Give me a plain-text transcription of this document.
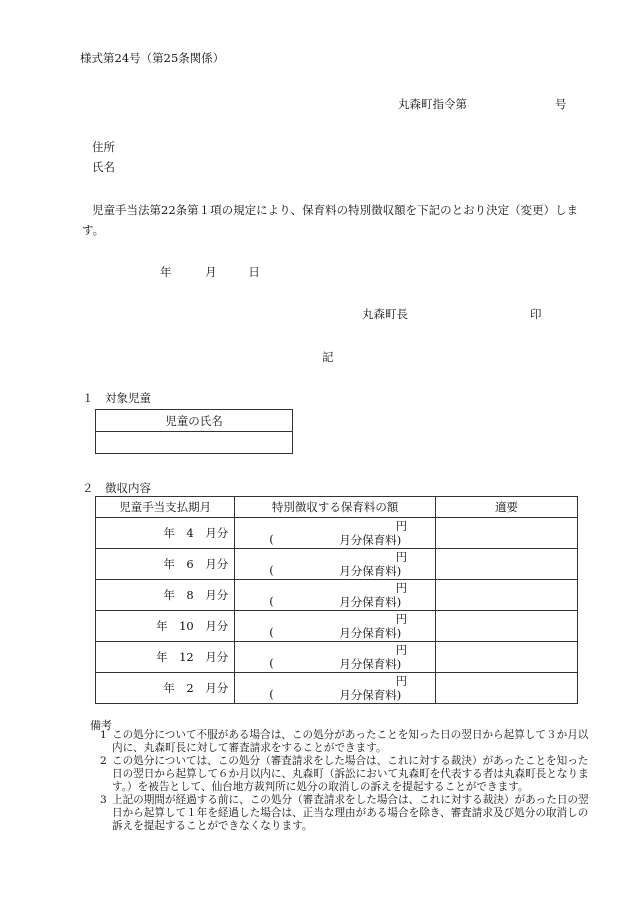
様式第24号（第25条関係）
丸森町指令第	号
住所
氏名
児童手当法第22条第１項の規定により、保育料の特別徴収額を下記のとおり決定（変更）します。
年	月	日
丸森町長	印
記
１　対象児童
児童の氏名

２　徴収内容
児童手当支払期月	特別徴収する保育料の額	適要
年　 4　 月分	円
( 月分保育料)	

年　 6　 月分	円
( 月分保育料)	

年　 8　 月分	円
( 月分保育料)	

年　 10　 月分	円
( 月分保育料)	

年　 12　 月分	円
( 月分保育料)	

年　 2　 月分	円
( 月分保育料)	

備考
1 この処分について不服がある場合は、この処分があったことを知った日の翌日から起算して３か月以内に、丸森町長に対して審査請求をすることができます。
2 この処分については、この処分（審査請求をした場合は、これに対する裁決）があったことを知った日の翌日から起算して６か月以内に、丸森町（訴訟において丸森町を代表する者は丸森町長となります。）を被告として、仙台地方裁判所に処分の取消しの訴えを提起することができます。
3 上記の期間が経過する前に、この処分（審査請求をした場合は、これに対する裁決）があった日の翌日から起算して１年を経過した場合は、正当な理由がある場合を除き、審査請求及び処分の取消しの訴えを提起することができなくなります。
